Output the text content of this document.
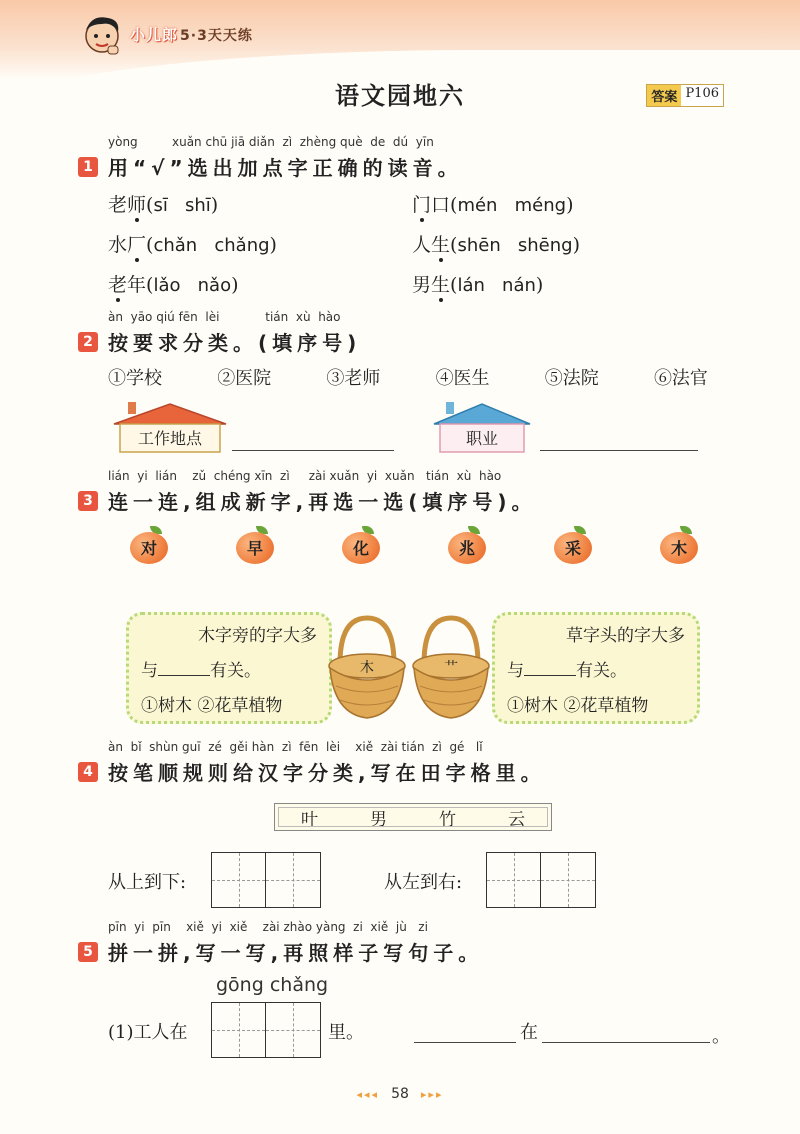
小儿郎 5·3天天练
语文园地六	答案 P106
yòng         xuǎn chū jiā diǎn  zì  zhèng què  de  dú  yīn
1 用“√”选出加点字正确的读音。
老师(sī   shī)	门口(mén   méng)
水厂(chǎn   chǎng)	人生(shēn   shēng)
老年(lǎo   nǎo)	男生(lán   nán)
àn  yāo qiú fēn  lèi            tián  xù  hào
2 按要求分类。(填序号)
①学校	②医院	③老师	④医生	⑤法院	⑥法官
工作地点	职业
lián  yi  lián    zǔ  chéng xīn  zì     zài xuǎn  yi  xuǎn   tián  xù  hào
3 连一连,组成新字,再选一选(填序号)。
对	早	化	兆	采	木
木字旁的字大多
与	有关。
①树木 ②花草植物
木	艹
草字头的字大多
与	有关。
①树木 ②花草植物
àn  bǐ  shùn guī  zé  gěi hàn  zì  fēn  lèi    xiě  zài tián  zì  gé   lǐ
4 按笔顺规则给汉字分类,写在田字格里。
叶	男	竹	云
从上到下:	从左到右:
pīn  yi  pīn    xiě  yi  xiě    zài zhào yàng  zi  xiě  jù   zi
5 拼一拼,写一写,再照样子写句子。
gōng chǎng
(1)工人在	里。	在	。
◂◂◂ 58 ▸▸▸
